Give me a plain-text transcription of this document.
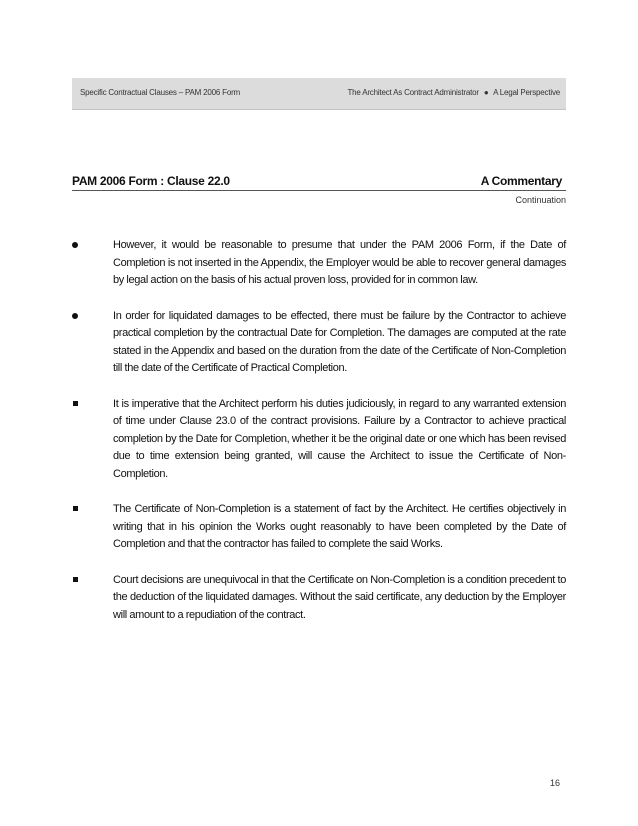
Specific Contractual Clauses – PAM 2006 Form	The Architect As Contract Administrator ● A Legal Perspective
PAM 2006 Form : Clause 22.0	A Commentary
Continuation
However, it would be reasonable to presume that under the PAM 2006 Form, if the Date of Completion is not inserted in the Appendix, the Employer would be able to recover general damages by legal action on the basis of his actual proven loss, provided for in common law.
In order for liquidated damages to be effected, there must be failure by the Contractor to achieve practical completion by the contractual Date for Completion. The damages are computed at the rate stated in the Appendix and based on the duration from the date of the Certificate of Non-Completion till the date of the Certificate of Practical Completion.
It is imperative that the Architect perform his duties judiciously, in regard to any warranted extension of time under Clause 23.0 of the contract provisions. Failure by a Contractor to achieve practical completion by the Date for Completion, whether it be the original date or one which has been revised due to time extension being granted, will cause the Architect to issue the Certificate of Non-Completion.
The Certificate of Non-Completion is a statement of fact by the Architect. He certifies objectively in writing that in his opinion the Works ought reasonably to have been completed by the Date of Completion and that the contractor has failed to complete the said Works.
Court decisions are unequivocal in that the Certificate on Non-Completion is a condition precedent to the deduction of the liquidated damages. Without the said certificate, any deduction by the Employer will amount to a repudiation of the contract.
16
